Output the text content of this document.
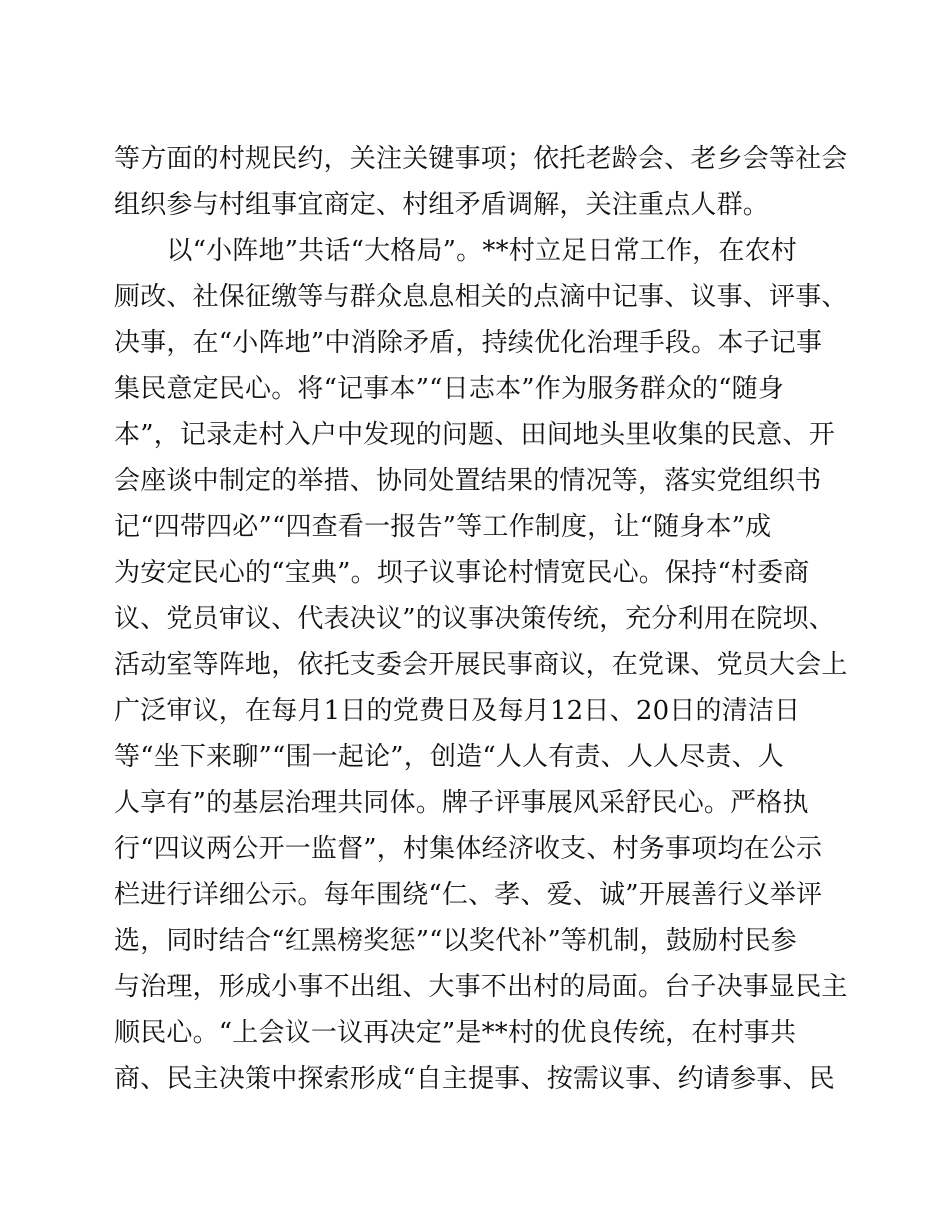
等方面的村规民约，关注关键事项；依托老龄会、老乡会等社会

组织参与村组事宜商定、村组矛盾调解，关注重点人群。

　　以“小阵地”共话“大格局”。**村立足日常工作，在农村

厕改、社保征缴等与群众息息相关的点滴中记事、议事、评事、

决事，在“小阵地”中消除矛盾，持续优化治理手段。本子记事

集民意定民心。将“记事本”“日志本”作为服务群众的“随身

本”，记录走村入户中发现的问题、田间地头里收集的民意、开

会座谈中制定的举措、协同处置结果的情况等，落实党组织书

记“四带四必”“四查看一报告”等工作制度，让“随身本”成

为安定民心的“宝典”。坝子议事论村情宽民心。保持“村委商

议、党员审议、代表决议”的议事决策传统，充分利用在院坝、

活动室等阵地，依托支委会开展民事商议，在党课、党员大会上

广泛审议，在每月1日的党费日及每月12日、20日的清洁日

等“坐下来聊”“围一起论”，创造“人人有责、人人尽责、人

人享有”的基层治理共同体。牌子评事展风采舒民心。严格执

行“四议两公开一监督”，村集体经济收支、村务事项均在公示

栏进行详细公示。每年围绕“仁、孝、爱、诚”开展善行义举评

选，同时结合“红黑榜奖惩”“以奖代补”等机制，鼓励村民参

与治理，形成小事不出组、大事不出村的局面。台子决事显民主

顺民心。“上会议一议再决定”是**村的优良传统，在村事共

商、民主决策中探索形成“自主提事、按需议事、约请参事、民
